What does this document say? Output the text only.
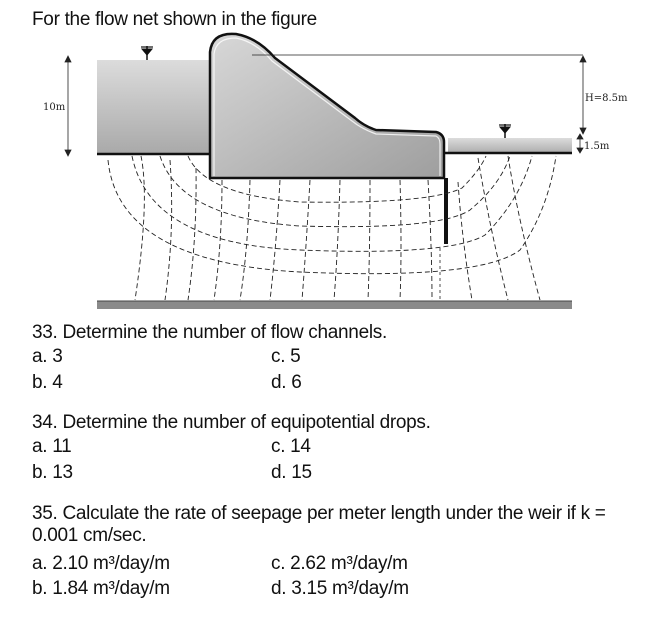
For the flow net shown in the figure
10m
H=8.5m
1.5m
33. Determine the number of flow channels.
a. 3	c. 5
b. 4	d. 6
34. Determine the number of equipotential drops.
a. 11	c. 14
b. 13	d. 15
35. Calculate the rate of seepage per meter length under the weir if k = 0.001 cm/sec.
a. 2.10 m³/day/m	c. 2.62 m³/day/m
b. 1.84 m³/day/m	d. 3.15 m³/day/m
